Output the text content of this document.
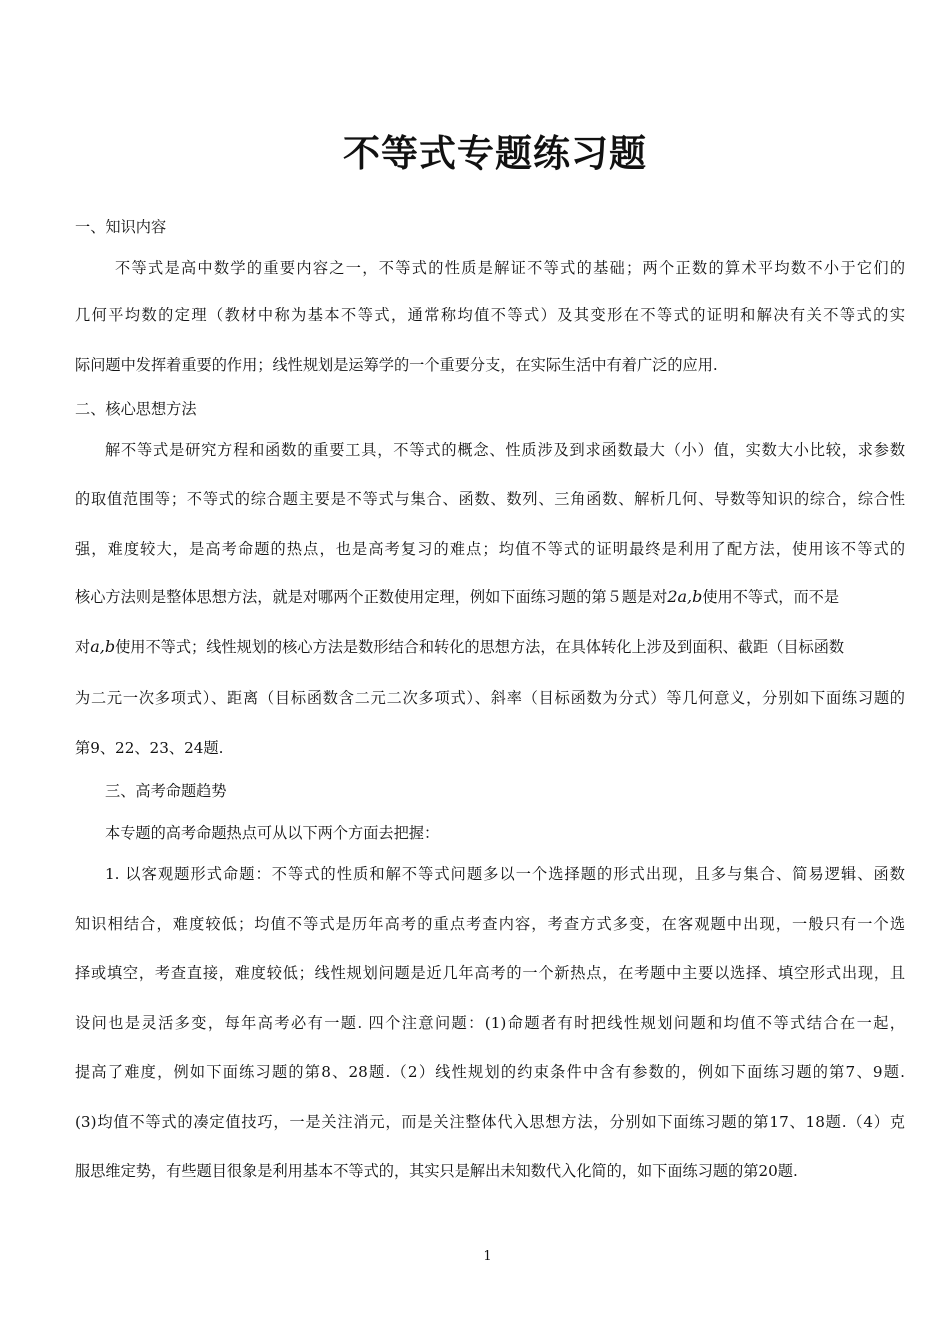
不等式专题练习题
一、知识内容
不等式是高中数学的重要内容之一，不等式的性质是解证不等式的基础；两个正数的算术平均数不小于它们的
几何平均数的定理（教材中称为基本不等式，通常称均值不等式）及其变形在不等式的证明和解决有关不等式的实
际问题中发挥着重要的作用；线性规划是运筹学的一个重要分支，在实际生活中有着广泛的应用.
二、核心思想方法
解不等式是研究方程和函数的重要工具，不等式的概念、性质涉及到求函数最大（小）值，实数大小比较，求参数
的取值范围等；不等式的综合题主要是不等式与集合、函数、数列、三角函数、解析几何、导数等知识的综合，综合性
强，难度较大，是高考命题的热点，也是高考复习的难点；均值不等式的证明最终是利用了配方法，使用该不等式的
核心方法则是整体思想方法，就是对哪两个正数使用定理，例如下面练习题的第５题是对2a,b使用不等式，而不是
对a,b使用不等式；线性规划的核心方法是数形结合和转化的思想方法，在具体转化上涉及到面积、截距（目标函数
为二元一次多项式）、距离（目标函数含二元二次多项式）、斜率（目标函数为分式）等几何意义，分别如下面练习题的
第9、22、23、24题.
三、高考命题趋势
本专题的高考命题热点可从以下两个方面去把握：
1. 以客观题形式命题：不等式的性质和解不等式问题多以一个选择题的形式出现，且多与集合、简易逻辑、函数
知识相结合，难度较低；均值不等式是历年高考的重点考查内容，考查方式多变，在客观题中出现，一般只有一个选
择或填空，考查直接，难度较低；线性规划问题是近几年高考的一个新热点，在考题中主要以选择、填空形式出现，且
设问也是灵活多变，每年高考必有一题. 四个注意问题：(1)命题者有时把线性规划问题和均值不等式结合在一起，
提高了难度，例如下面练习题的第8、28题.（2）线性规划的约束条件中含有参数的，例如下面练习题的第7、9题.
(3)均值不等式的凑定值技巧，一是关注消元，而是关注整体代入思想方法，分别如下面练习题的第17、18题.（4）克
服思维定势，有些题目很象是利用基本不等式的，其实只是解出未知数代入化简的，如下面练习题的第20题.
1
